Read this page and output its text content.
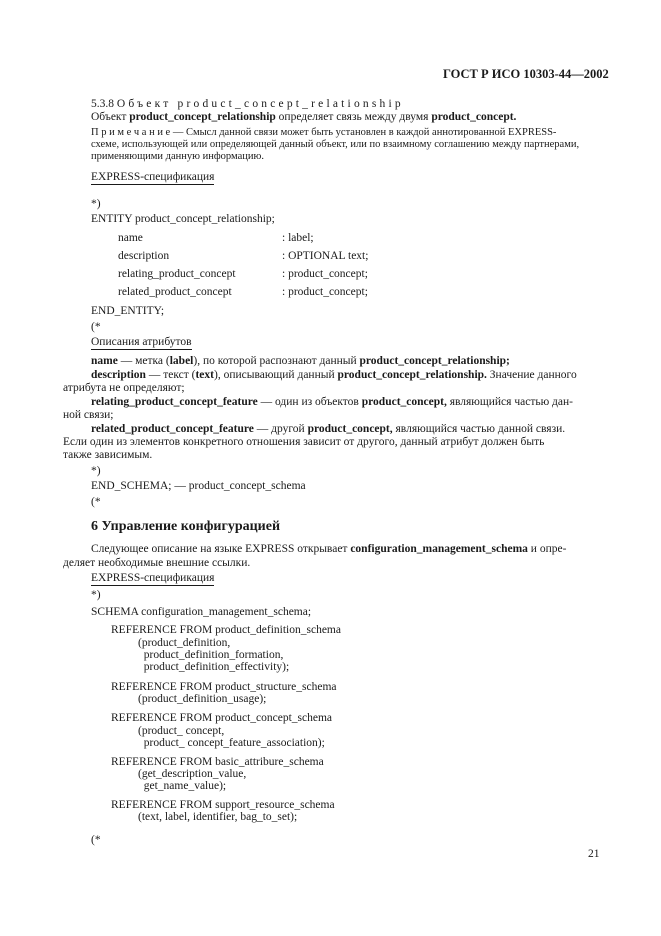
ГОСТ Р ИСО 10303-44—2002
5.3.8 Объект product_concept_relationship
Объект product_concept_relationship определяет связь между двумя product_concept.
П р и м е ч а н и е — Смысл данной связи может быть установлен в каждой аннотированной EXPRESS-
схеме, использующей или определяющей данный объект, или по взаимному соглашению между партнерами,
применяющими данную информацию.
EXPRESS-спецификация
*)
ENTITY product_concept_relationship;
name	: label;
description	: OPTIONAL text;
relating_product_concept	: product_concept;
related_product_concept	: product_concept;
END_ENTITY;
(*
Описания атрибутов
name — метка (label), по которой распознают данный product_concept_relationship;
description — текст (text), описывающий данный product_concept_relationship. Значение данного
атрибута не определяют;
relating_product_concept_feature — один из объектов product_concept, являющийся частью дан-
ной связи;
related_product_concept_feature — другой product_concept, являющийся частью данной связи.
Если один из элементов конкретного отношения зависит от другого, данный атрибут должен быть
также зависимым.
*)
END_SCHEMA; — product_concept_schema
(*
6 Управление конфигурацией
Следующее описание на языке EXPRESS открывает configuration_management_schema и опре-
деляет необходимые внешние ссылки.
EXPRESS-спецификация
*)
SCHEMA configuration_management_schema;
REFERENCE FROM product_definition_schema
(product_definition,
product_definition_formation,
product_definition_effectivity);
REFERENCE FROM product_structure_schema
(product_definition_usage);
REFERENCE FROM product_concept_schema
(product_ concept,
product_ concept_feature_association);
REFERENCE FROM basic_attribure_schema
(get_description_value,
get_name_value);
REFERENCE FROM support_resource_schema
(text, label, identifier, bag_to_set);
(*
21
